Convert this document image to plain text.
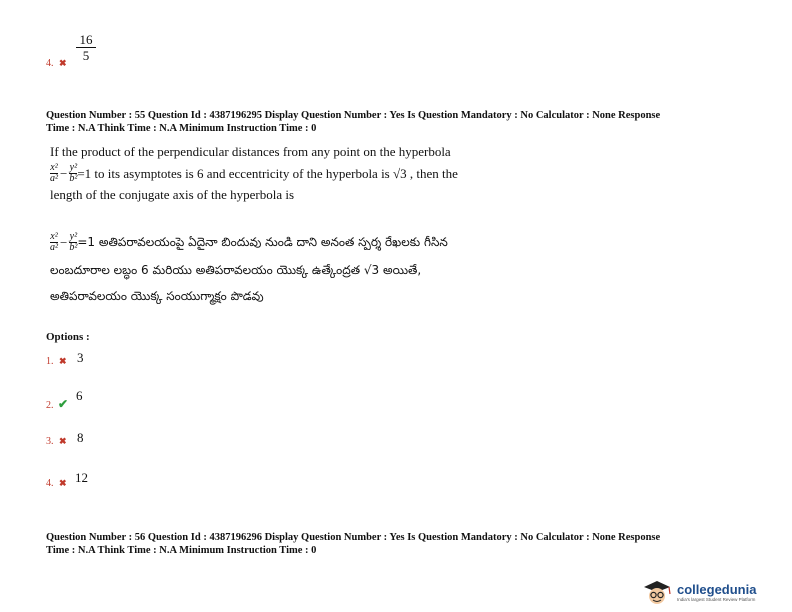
4. ✖
16
5
Question Number : 55 Question Id : 4387196295 Display Question Number : Yes Is Question Mandatory : No Calculator : None Response
Time : N.A Think Time : N.A Minimum Instruction Time : 0
If the product of the perpendicular distances from any point on the hyperbola
$\frac{\text{x²}}{\text{a²}} - \frac{\text{y²}}{\text{b²}} =1$ to its asymptotes is 6 and eccentricity of the hyperbola is √3 , then the
length of the conjugate axis of the hyperbola is
$\frac{\text{x²}}{\text{a²}} - \frac{\text{y²}}{\text{b²}} =1$ అతిపరావలయంపై ఏదైనా బిందువు నుండి దాని అనంత స్పర్శ రేఖలకు గీసిన
లంబదూరాల లబ్ధం 6 మరియు అతిపరావలయం యొక్క ఉత్కేంద్రత √3 అయితే,
అతిపరావలయం యొక్క సంయుగ్మాక్షం పొడవు
Options :
1. ✖ 3
2. ✔
6
3. ✖ 8
4. ✖ 12
Question Number : 56 Question Id : 4387196296 Display Question Number : Yes Is Question Mandatory : No Calculator : None Response
Time : N.A Think Time : N.A Minimum Instruction Time : 0
collegedunia
India's largest Student Review Platform
